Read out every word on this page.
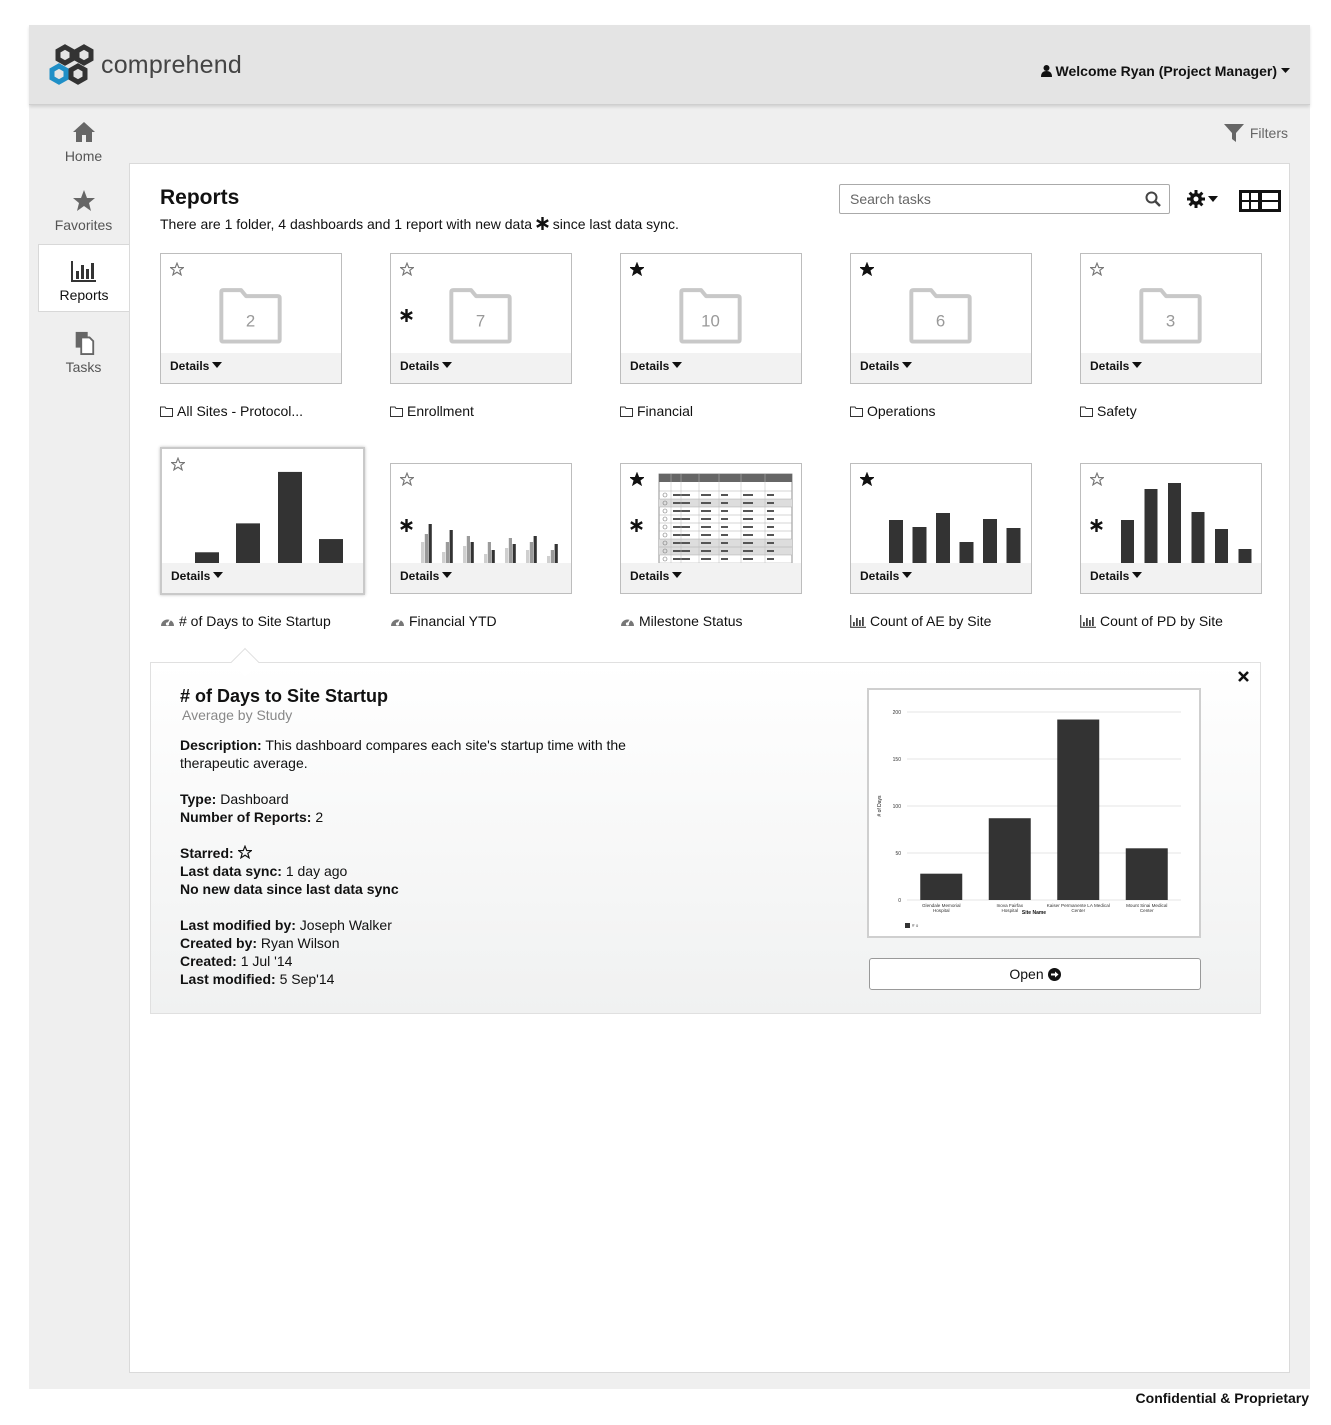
comprehend	Welcome Ryan (Project Manager)
Home
Favorites
Reports
Tasks
Filters
Reports
There are 1 folder, 4 dashboards and 1 report with new data since last data sync.
Search tasks
2
Details
All Sites - Protocol...
7
Details
Enrollment
10
Details
Financial
6
Details
Operations
3
Details
Safety
Details
# of Days to Site Startup
Details
Financial YTD
Details
Milestone Status
Details
Count of AE by Site
Details
Count of PD by Site
# of Days to Site Startup
Average by Study
Description: This dashboard compares each site's startup time with the therapeutic average.
Type: Dashboard
Number of Reports: 2
Starred:
Last data sync: 1 day ago
No new data since last data sync
Last modified by: Joseph Walker
Created by: Ryan Wilson
Created: 1 Jul '14
Last modified: 5 Sep'14
0
50
100
150
200
# of Days
Glendale Memorial Hospital
Inova Fairfax Hospital
Kaiser Permanente LA Medical Center
Mount Sinai Medical Center
Site Name
# o
Open
Confidential & Proprietary
